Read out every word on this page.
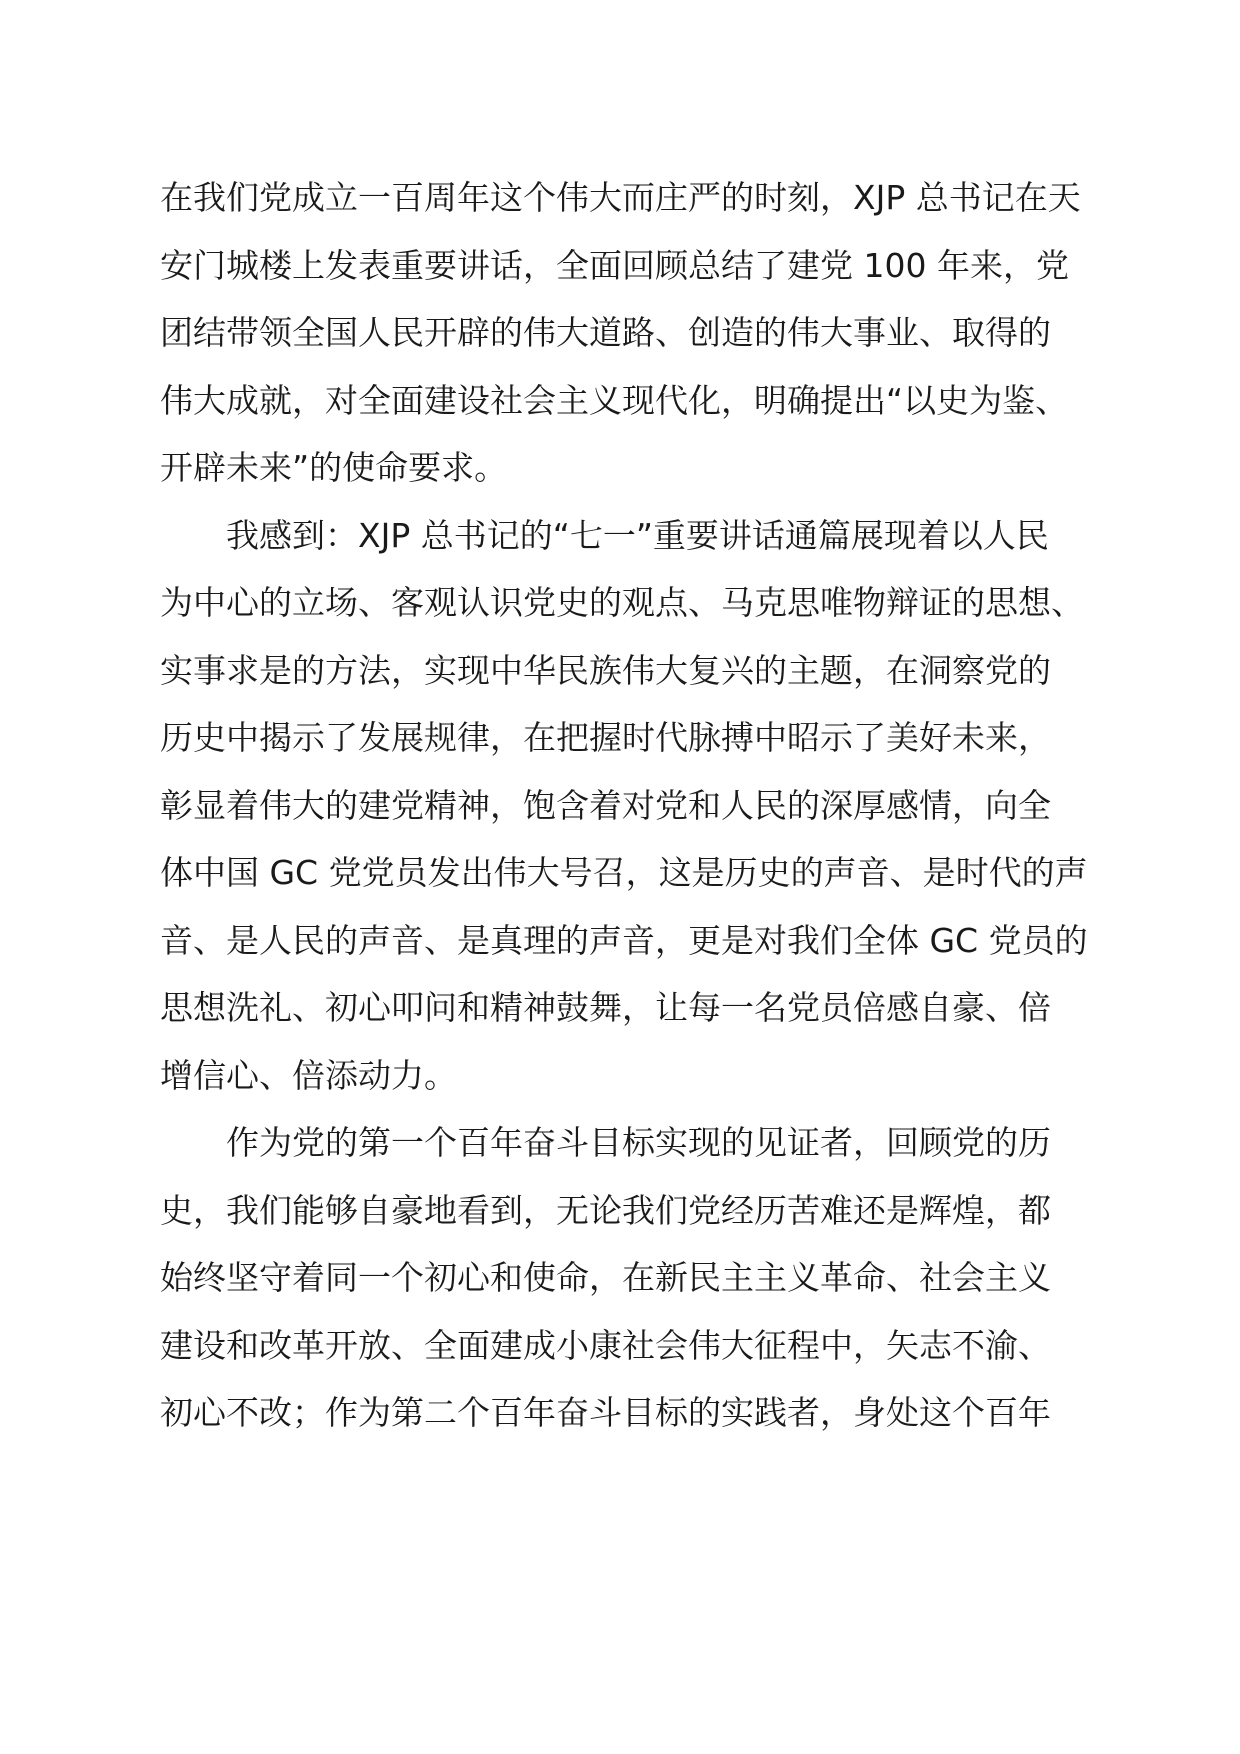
在我们党成立一百周年这个伟大而庄严的时刻，XJP 总书记在天
安门城楼上发表重要讲话，全面回顾总结了建党 100 年来，党
团结带领全国人民开辟的伟大道路、创造的伟大事业、取得的
伟大成就，对全面建设社会主义现代化，明确提出“以史为鉴、
开辟未来”的使命要求。
我感到：XJP 总书记的“七一”重要讲话通篇展现着以人民
为中心的立场、客观认识党史的观点、马克思唯物辩证的思想、
实事求是的方法，实现中华民族伟大复兴的主题，在洞察党的
历史中揭示了发展规律，在把握时代脉搏中昭示了美好未来，
彰显着伟大的建党精神，饱含着对党和人民的深厚感情，向全
体中国 GC 党党员发出伟大号召，这是历史的声音、是时代的声
音、是人民的声音、是真理的声音，更是对我们全体 GC 党员的
思想洗礼、初心叩问和精神鼓舞，让每一名党员倍感自豪、倍
增信心、倍添动力。
作为党的第一个百年奋斗目标实现的见证者，回顾党的历
史，我们能够自豪地看到，无论我们党经历苦难还是辉煌，都
始终坚守着同一个初心和使命，在新民主主义革命、社会主义
建设和改革开放、全面建成小康社会伟大征程中，矢志不渝、
初心不改；作为第二个百年奋斗目标的实践者，身处这个百年
